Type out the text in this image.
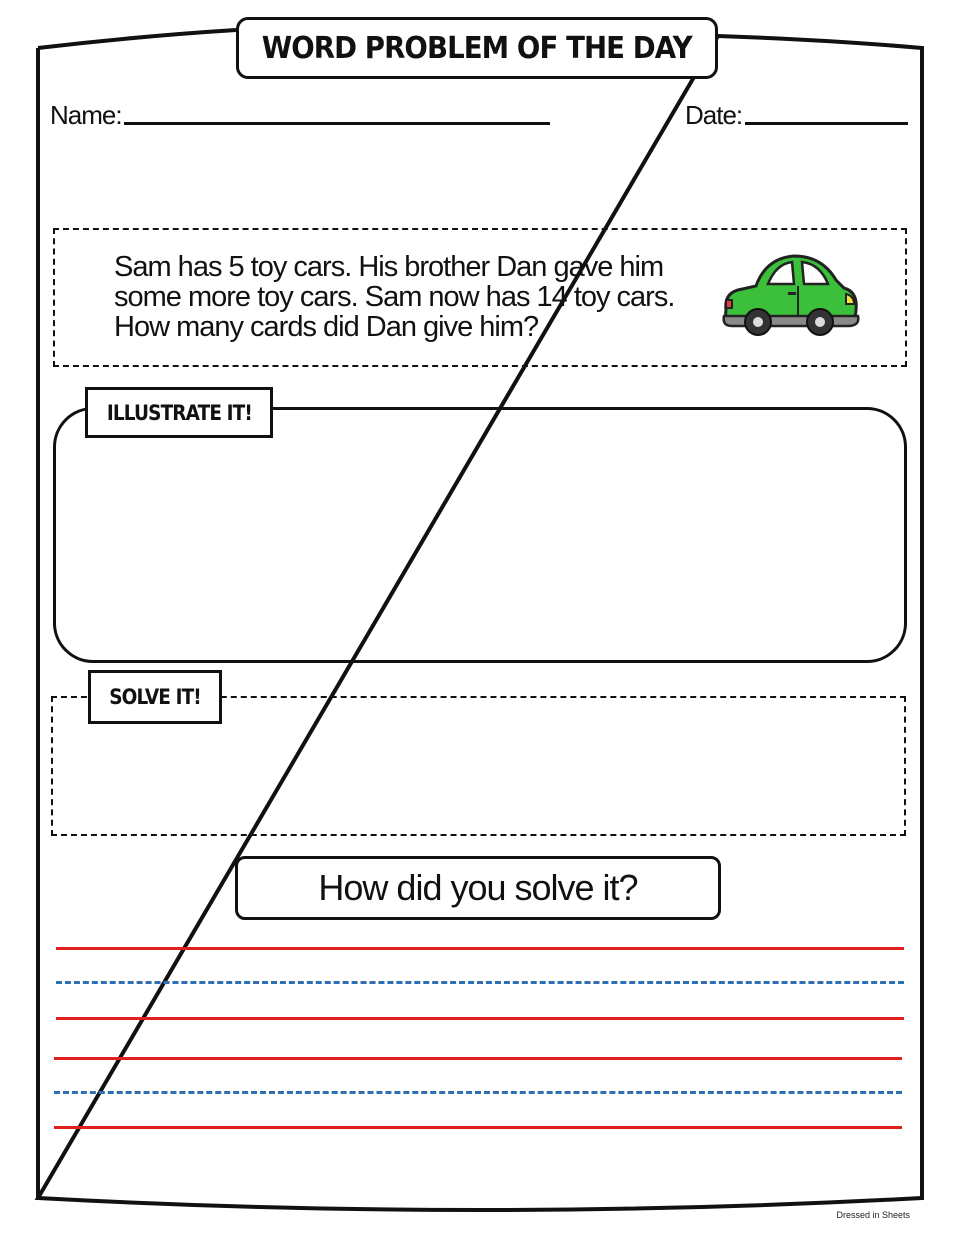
WORD PROBLEM OF THE DAY
Name:	Date:
Sam has 5 toy cars. His brother Dan gave him
some more toy cars. Sam now has 14 toy cars.
How many cards did Dan give him?
ILLUSTRATE IT!
SOLVE IT!
How did you solve it?
Dressed in Sheets
